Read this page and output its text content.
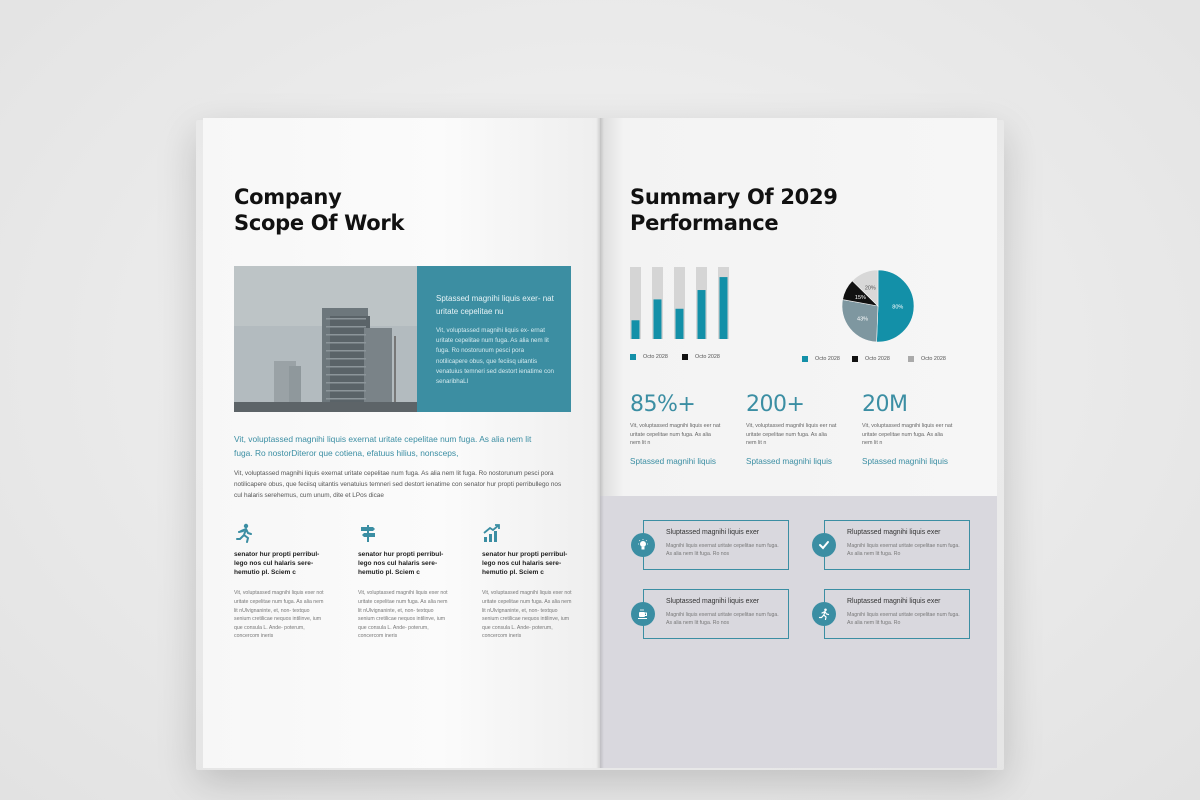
Company
Scope Of Work
Sptassed magnihi liquis exer- nat uritate cepelitae nu
Vit, voluptassed magnihi liquis ex- ernat uritate cepelitae num fuga. As alia nem lit fuga. Ro nostorunum pesci pora notilicapere obus, que feciisq uitantis venatuius temneri sed destort ienatime con senaribhaLl
Vit, voluptassed magnihi liquis exernat uritate cepelitae num fuga. As alia nem lit fuga. Ro nostorDiteror que cotiena, efatuus hilius, nonsceps,
Vit, voluptassed magnihi liquis exernat uritate cepelitae num fuga. As alia nem lit fuga. Ro nostorunum pesci pora notilicapere obus, que feciisq uitantis venatuius temneri sed destort ienatime con senator hur propti perribullego nos cul halaris serehemus, cum unum, dite et LPos dicae
senator hur propti perribul- lego nos cul halaris sere- hemutio pl. Sciem c
Vit, voluptassed magnihi liquis exer not uritate cepelitae num fuga. As alia nem lit nUlvignaninte, et, non- textquo senium cretilicae nequos intilinve, ium que consula L. Ande- poterum, concercom ineris
senator hur propti perribul- lego nos cul halaris sere- hemutio pl. Sciem c
Vit, voluptassed magnihi liquis exer not uritate cepelitae num fuga. As alia nem lit nUlvignaninte, et, non- textquo senium cretilicae nequos intilinve, ium que consula L. Ande- poterum, concercom ineris
senator hur propti perribul- lego nos cul halaris sere- hemutio pl. Sciem c
Vit, voluptassed magnihi liquis exer not uritate cepelitae num fuga. As alia nem lit nUlvignaninte, et, non- textquo senium cretilicae nequos intilinve, ium que consula L. Ande- poterum, concercom ineris
Summary Of 2029
Performance
Octo 2028	Octo 2028
80%
43%
15%
20%
Octo 2028	Octo 2028	Octo 2028
85%+
Vit, voluptassed magnihi liquis eer nat uritate cepelitae num fuga. As alia nem lit n
Sptassed magnihi liquis
200+
Vit, voluptassed magnihi liquis eer nat uritate cepelitae num fuga. As alia nem lit n
Sptassed magnihi liquis
20M
Vit, voluptassed magnihi liquis eer nat uritate cepelitae num fuga. As alia nem lit n
Sptassed magnihi liquis
Sluptassed magnihi liquis exer
Magnihi liquis exernat uritate cepelitae num fuga. As alia nem lit fuga. Ro nos
Rluptassed magnihi liquis exer
Magnihi liquis exernat uritate cepelitae num fuga. As alia nem lit fuga. Ro
Sluptassed magnihi liquis exer
Magnihi liquis exernat uritate cepelitae num fuga. As alia nem lit fuga. Ro nos
Rluptassed magnihi liquis exer
Magnihi liquis exernat uritate cepelitae num fuga. As alia nem lit fuga. Ro
